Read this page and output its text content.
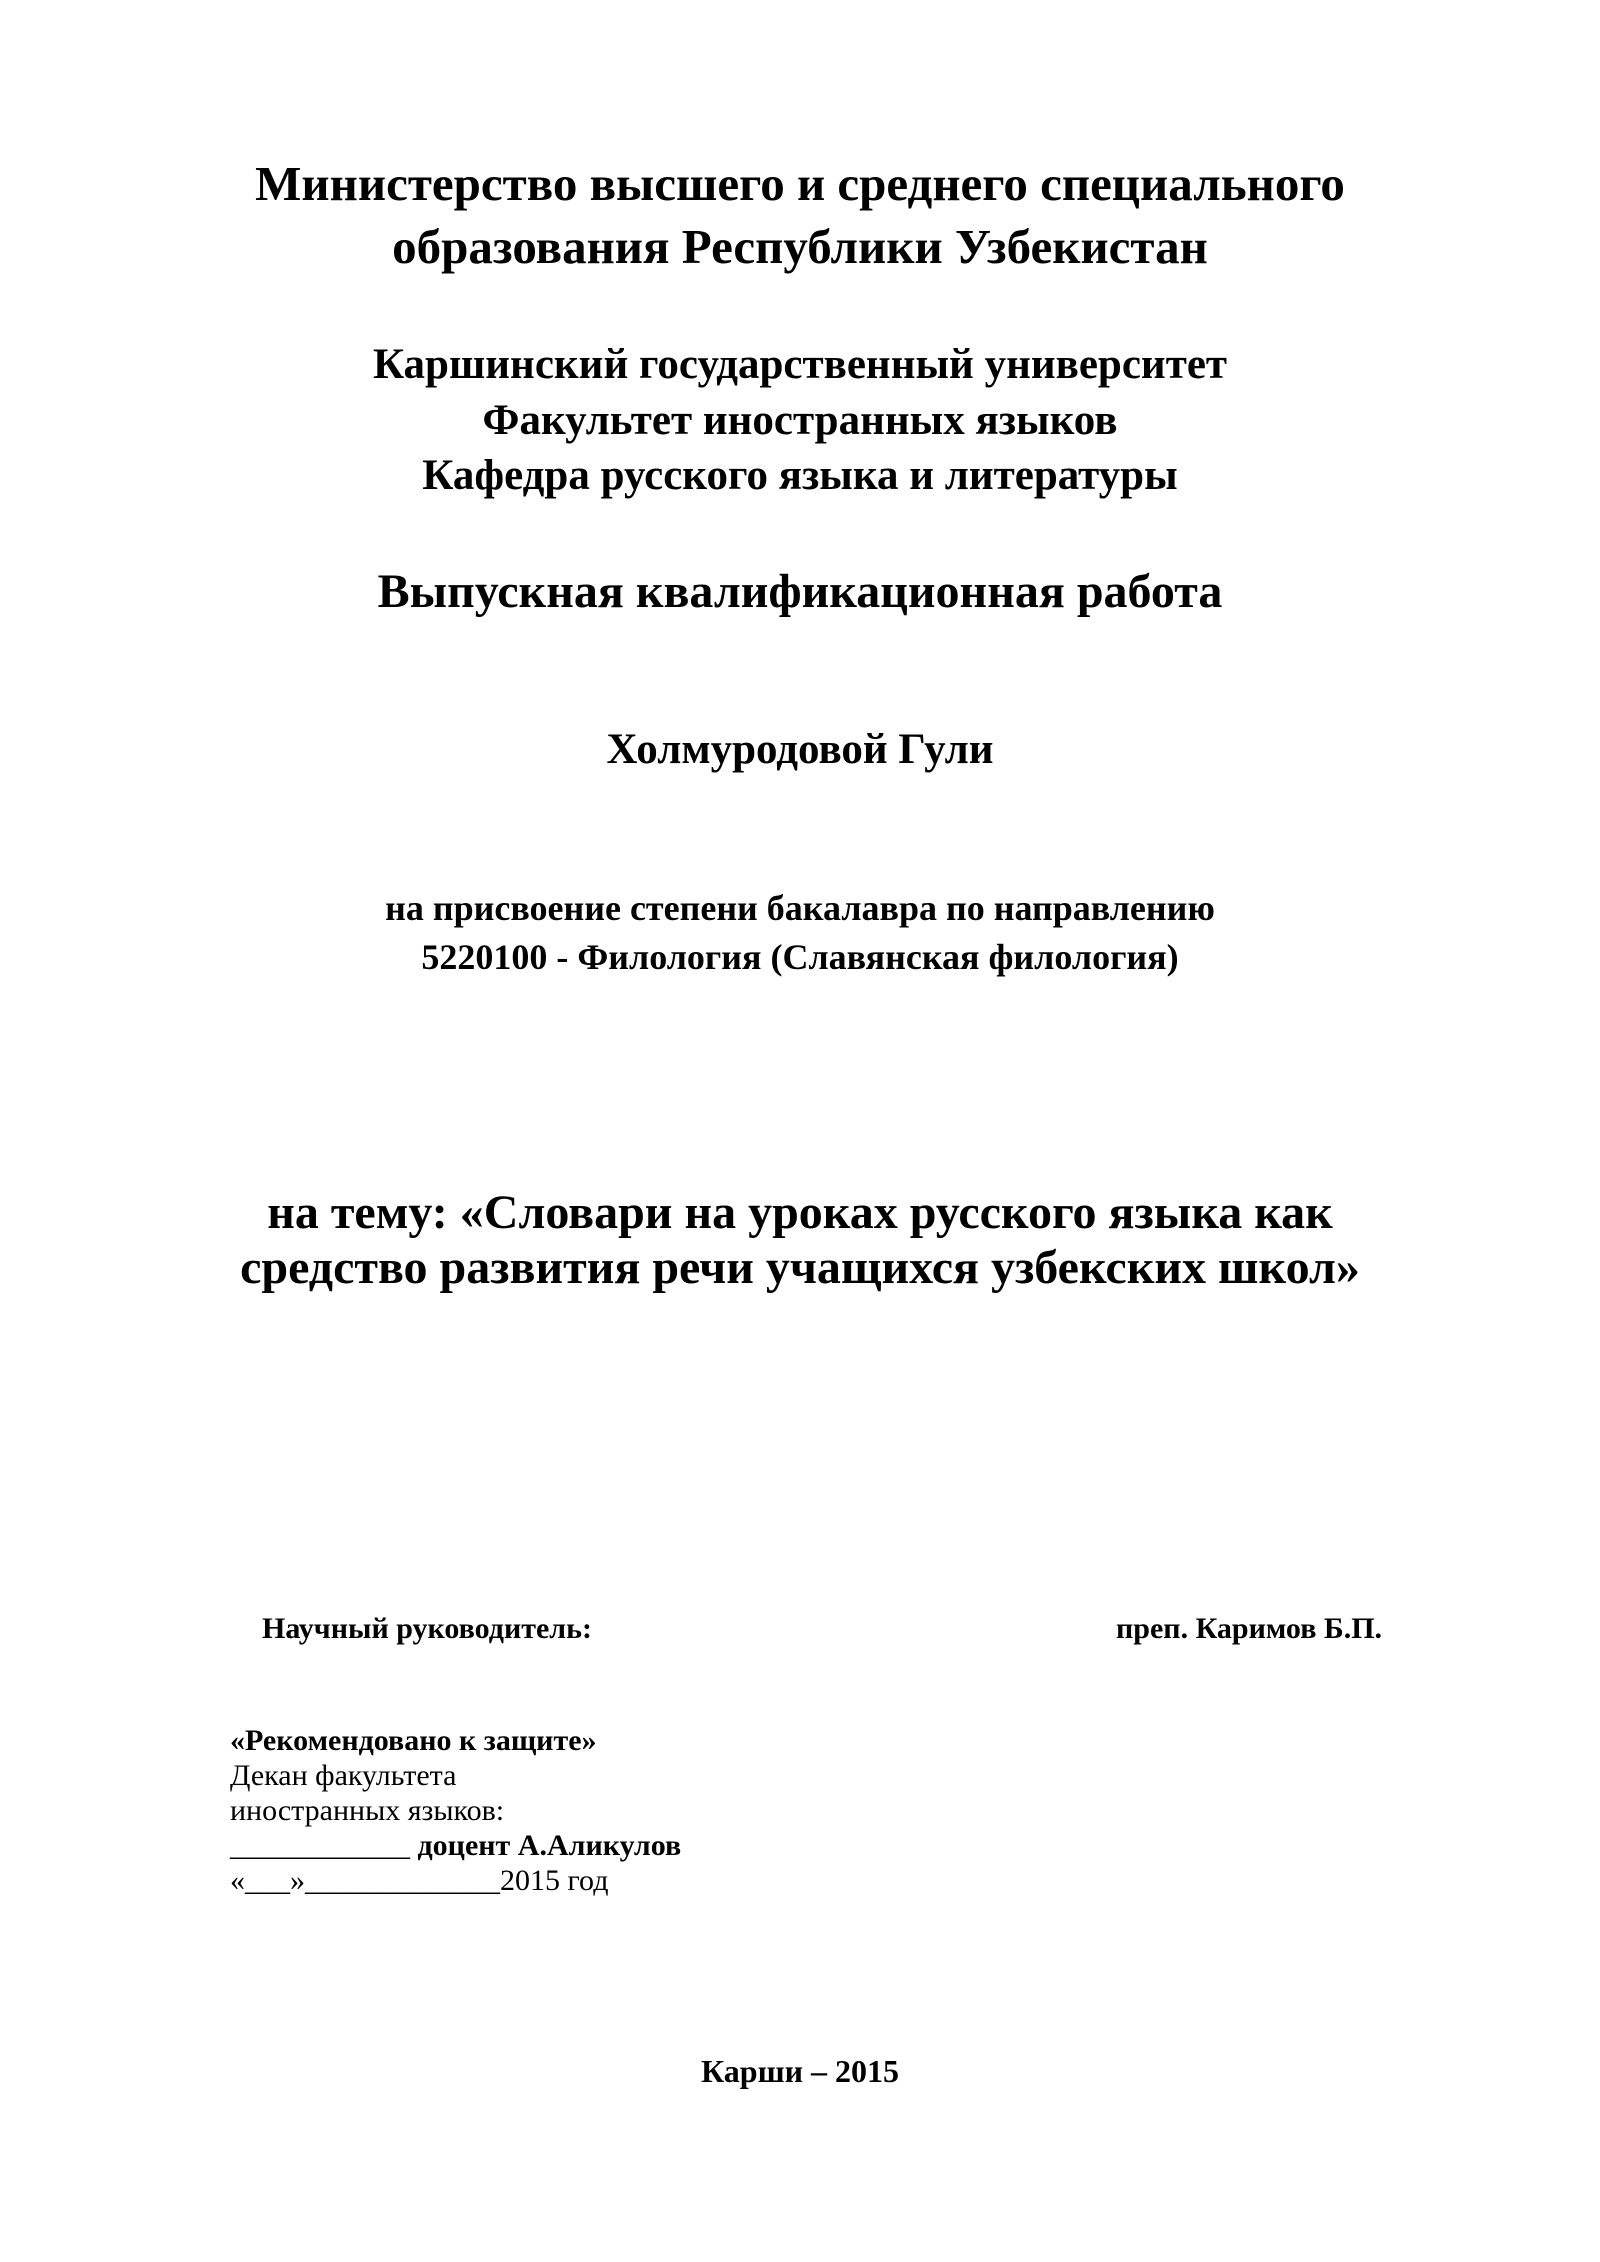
Министерство высшего и среднего специального
образования Республики Узбекистан
Каршинский государственный университет
Факультет иностранных языков
Кафедра русского языка и литературы
Выпускная квалификационная работа
Холмуродовой Гули
на присвоение степени бакалавра по направлению
5220100 - Филология (Славянская филология)
на тему: «Словари на уроках русского языка как
средство развития речи учащихся узбекских школ»
Научный руководитель:	преп. Каримов Б.П.
«Рекомендовано к защите»
Декан факультета
иностранных языков:
____________ доцент А.Аликулов
«___»_____________2015 год
Карши – 2015
